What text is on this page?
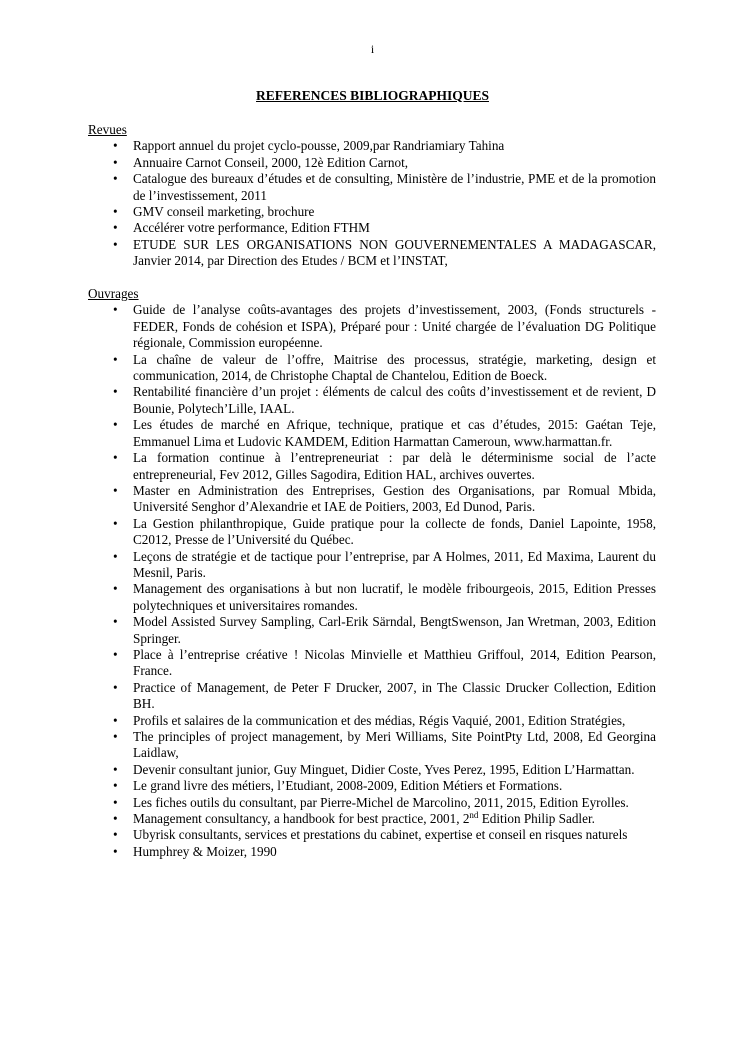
i
REFERENCES BIBLIOGRAPHIQUES
Revues
• Rapport annuel du projet cyclo-pousse, 2009,par Randriamiary Tahina
• Annuaire Carnot Conseil, 2000, 12è Edition Carnot,
• Catalogue des bureaux d’études et de consulting, Ministère de l’industrie, PME et de la promotion de l’investissement, 2011
• GMV conseil marketing, brochure
• Accélérer votre performance, Edition FTHM
• ETUDE SUR LES ORGANISATIONS NON GOUVERNEMENTALES A MADAGASCAR, Janvier 2014, par Direction des Etudes / BCM et l’INSTAT,
Ouvrages
• Guide de l’analyse coûts-avantages des projets d’investissement, 2003, (Fonds structurels - FEDER, Fonds de cohésion et ISPA), Préparé pour : Unité chargée de l’évaluation DG Politique régionale, Commission européenne.
• La chaîne de valeur de l’offre, Maitrise des processus, stratégie, marketing, design et communication, 2014, de Christophe Chaptal de Chantelou, Edition de Boeck.
• Rentabilité financière d’un projet : éléments de calcul des coûts d’investissement et de revient, D Bounie, Polytech’Lille, IAAL.
• Les études de marché en Afrique, technique, pratique et cas d’études, 2015: Gaétan Teje, Emmanuel Lima et Ludovic KAMDEM, Edition Harmattan Cameroun, www.harmattan.fr.
• La formation continue à l’entrepreneuriat : par delà le déterminisme social de l’acte entrepreneurial, Fev 2012, Gilles Sagodira, Edition HAL, archives ouvertes.
• Master en Administration des Entreprises, Gestion des Organisations, par Romual Mbida, Université Senghor d’Alexandrie et IAE de Poitiers, 2003, Ed Dunod, Paris.
• La Gestion philanthropique, Guide pratique pour la collecte de fonds, Daniel Lapointe, 1958, C2012, Presse de l’Université du Québec.
• Leçons de stratégie et de tactique pour l’entreprise, par A Holmes, 2011, Ed Maxima, Laurent du Mesnil, Paris.
• Management des organisations à but non lucratif, le modèle fribourgeois, 2015, Edition Presses polytechniques et universitaires romandes.
• Model Assisted Survey Sampling, Carl-Erik Särndal, BengtSwenson, Jan Wretman, 2003, Edition Springer.
• Place à l’entreprise créative ! Nicolas Minvielle et Matthieu Griffoul, 2014, Edition Pearson, France.
• Practice of Management, de Peter F Drucker, 2007, in The Classic Drucker Collection, Edition BH.
• Profils et salaires de la communication et des médias, Régis Vaquié, 2001, Edition Stratégies,
• The principles of project management, by Meri Williams, Site PointPty Ltd, 2008, Ed Georgina Laidlaw,
• Devenir consultant junior, Guy Minguet, Didier Coste, Yves Perez, 1995, Edition L’Harmattan.
• Le grand livre des métiers, l’Etudiant, 2008-2009, Edition Métiers et Formations.
• Les fiches outils du consultant, par Pierre-Michel de Marcolino, 2011, 2015, Edition Eyrolles.
• Management consultancy, a handbook for best practice, 2001, 2nd Edition Philip Sadler.
• Ubyrisk consultants, services et prestations du cabinet, expertise et conseil en risques naturels
• Humphrey & Moizer, 1990
